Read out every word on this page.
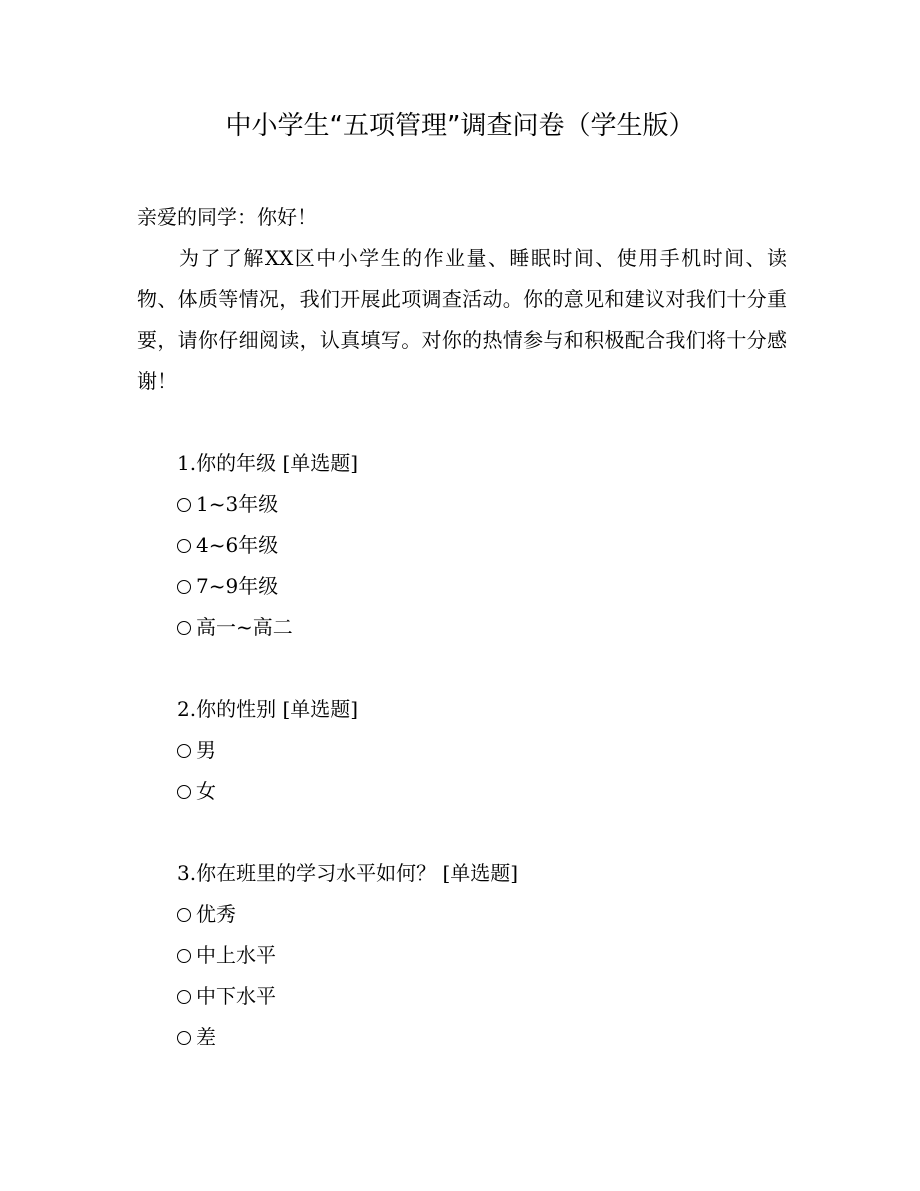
中小学生“五项管理”调查问卷（学生版）
亲爱的同学：你好！
为了了解XX区中小学生的作业量、睡眠时间、使用手机时间、读物、体质等情况，我们开展此项调查活动。你的意见和建议对我们十分重要，请你仔细阅读，认真填写。对你的热情参与和积极配合我们将十分感谢！
1.你的年级 [单选题]
1~3年级
4~6年级
7~9年级
高一~高二
2.你的性别 [单选题]
男
女
3.你在班里的学习水平如何？ [单选题]
优秀
中上水平
中下水平
差
